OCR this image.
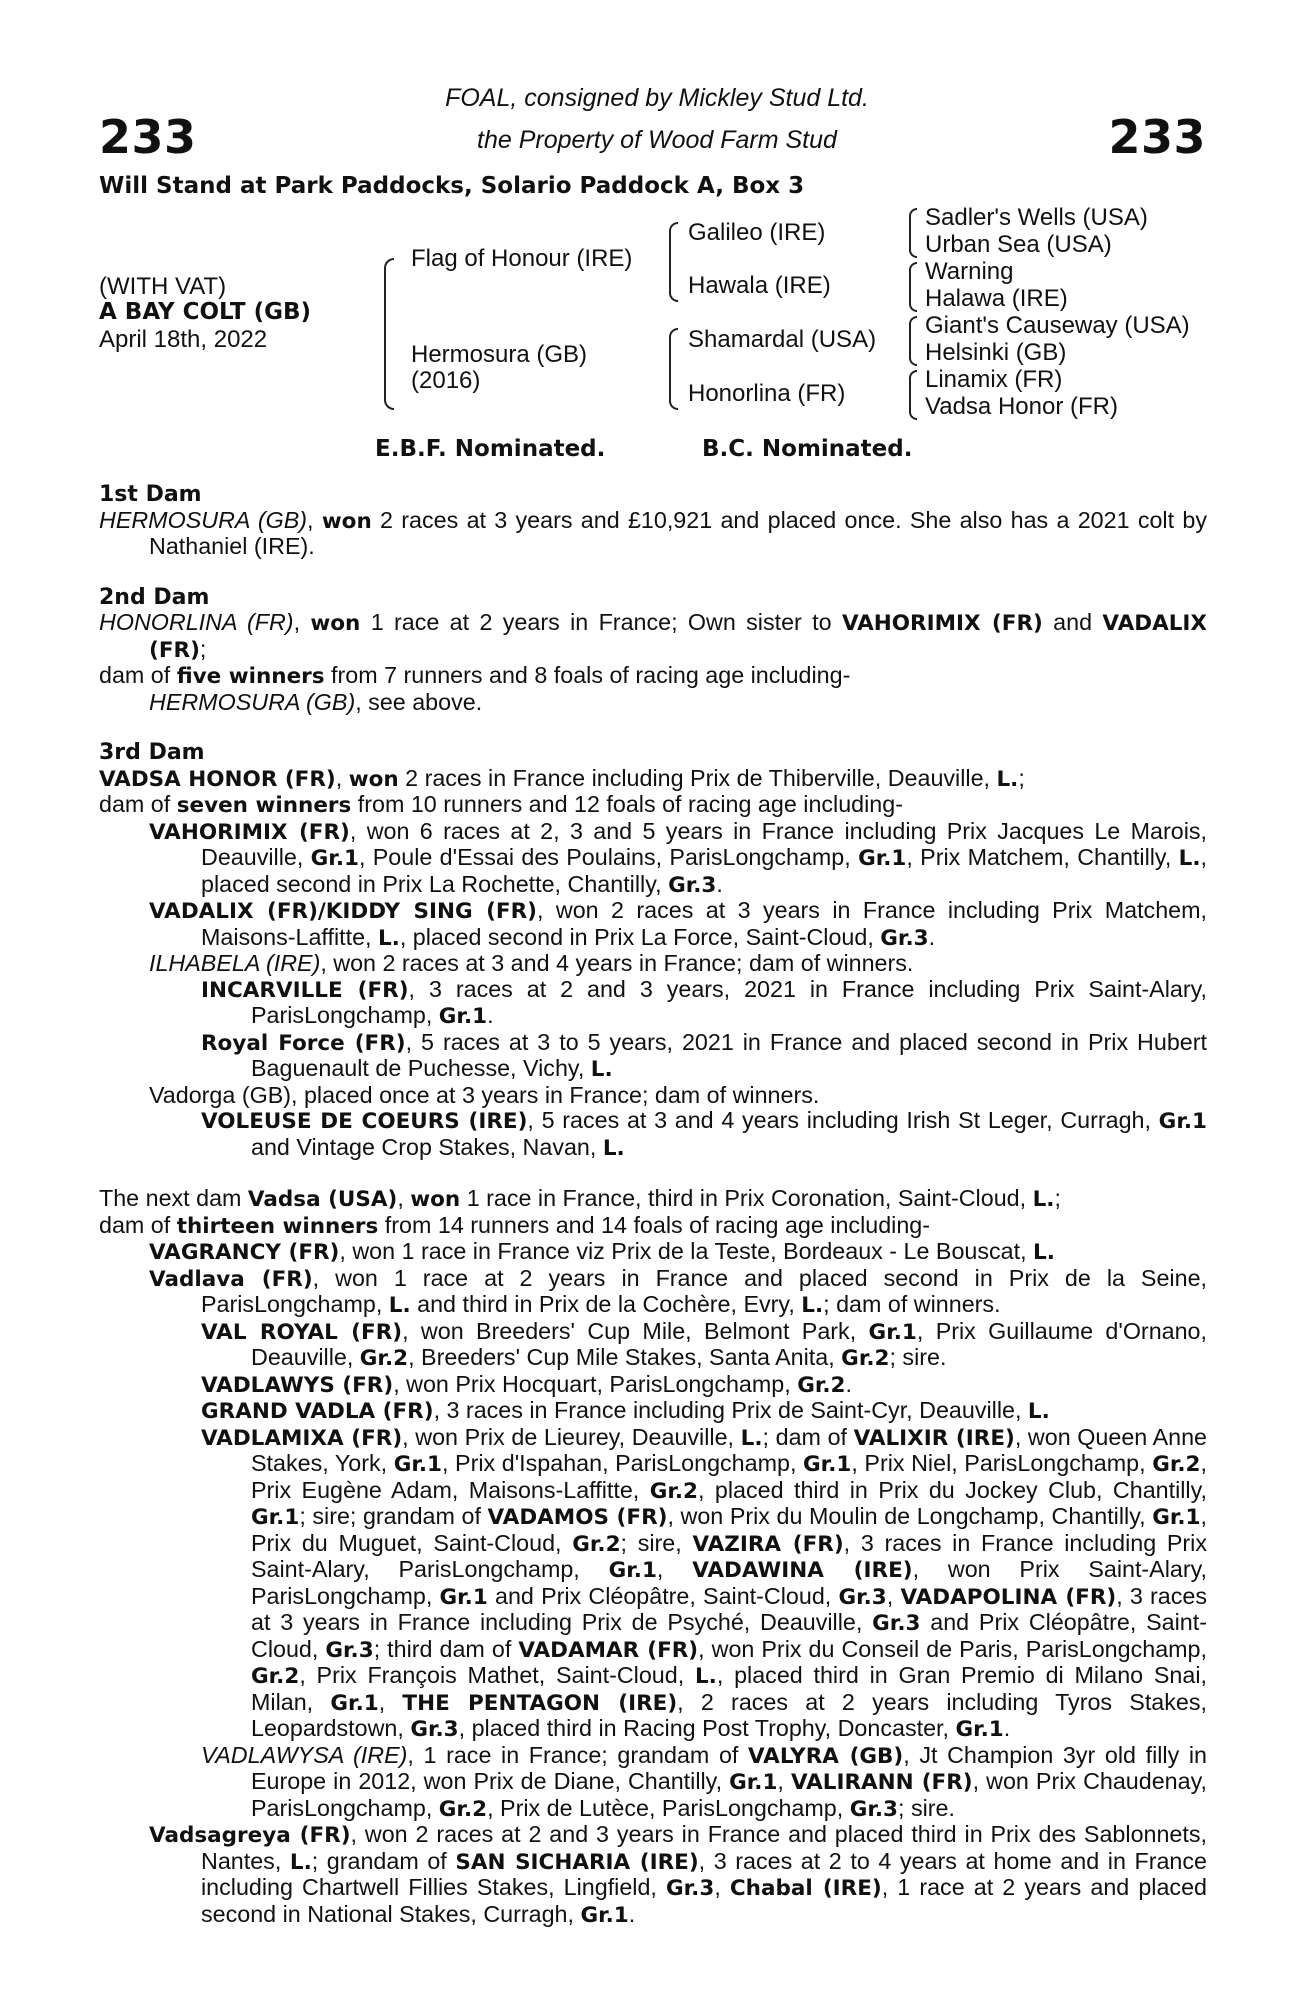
233	233
FOAL, consigned by Mickley Stud Ltd.
the Property of Wood Farm Stud
Will Stand at Park Paddocks, Solario Paddock A, Box 3
(WITH VAT)
A BAY COLT (GB)
April 18th, 2022
Flag of Honour (IRE)
Hermosura (GB)
(2016)
Galileo (IRE)
Hawala (IRE)
Shamardal (USA)
Honorlina (FR)
Sadler's Wells (USA)
Urban Sea (USA)
Warning
Halawa (IRE)
Giant's Causeway (USA)
Helsinki (GB)
Linamix (FR)
Vadsa Honor (FR)
E.B.F. Nominated.	B.C. Nominated.

1st Dam

HERMOSURA (GB), won 2 races at 3 years and £10,921 and placed once. She also has a 2021 colt by Nathaniel (IRE).

2nd Dam

HONORLINA (FR), won 1 race at 2 years in France; Own sister to VAHORIMIX (FR) and VADALIX (FR);

dam of five winners from 7 runners and 8 foals of racing age including-

HERMOSURA (GB), see above.

3rd Dam

VADSA HONOR (FR), won 2 races in France including Prix de Thiberville, Deauville, L.;

dam of seven winners from 10 runners and 12 foals of racing age including-

VAHORIMIX (FR), won 6 races at 2, 3 and 5 years in France including Prix Jacques Le Marois, Deauville, Gr.1, Poule d'Essai des Poulains, ParisLongchamp, Gr.1, Prix Matchem, Chantilly, L., placed second in Prix La Rochette, Chantilly, Gr.3.

VADALIX (FR)/KIDDY SING (FR), won 2 races at 3 years in France including Prix Matchem, Maisons-Laffitte, L., placed second in Prix La Force, Saint-Cloud, Gr.3.

ILHABELA (IRE), won 2 races at 3 and 4 years in France; dam of winners.

INCARVILLE (FR), 3 races at 2 and 3 years, 2021 in France including Prix Saint-Alary, ParisLongchamp, Gr.1.

Royal Force (FR), 5 races at 3 to 5 years, 2021 in France and placed second in Prix Hubert Baguenault de Puchesse, Vichy, L.

Vadorga (GB), placed once at 3 years in France; dam of winners.

VOLEUSE DE COEURS (IRE), 5 races at 3 and 4 years including Irish St Leger, Curragh, Gr.1 and Vintage Crop Stakes, Navan, L.

The next dam Vadsa (USA), won 1 race in France, third in Prix Coronation, Saint-Cloud, L.;

dam of thirteen winners from 14 runners and 14 foals of racing age including-

VAGRANCY (FR), won 1 race in France viz Prix de la Teste, Bordeaux - Le Bouscat, L.

Vadlava (FR), won 1 race at 2 years in France and placed second in Prix de la Seine, ParisLongchamp, L. and third in Prix de la Cochère, Evry, L.; dam of winners.

VAL ROYAL (FR), won Breeders' Cup Mile, Belmont Park, Gr.1, Prix Guillaume d'Ornano, Deauville, Gr.2, Breeders' Cup Mile Stakes, Santa Anita, Gr.2; sire.

VADLAWYS (FR), won Prix Hocquart, ParisLongchamp, Gr.2.

GRAND VADLA (FR), 3 races in France including Prix de Saint-Cyr, Deauville, L.

VADLAMIXA (FR), won Prix de Lieurey, Deauville, L.; dam of VALIXIR (IRE), won Queen Anne Stakes, York, Gr.1, Prix d'Ispahan, ParisLongchamp, Gr.1, Prix Niel, ParisLongchamp, Gr.2, Prix Eugène Adam, Maisons-Laffitte, Gr.2, placed third in Prix du Jockey Club, Chantilly, Gr.1; sire; grandam of VADAMOS (FR), won Prix du Moulin de Longchamp, Chantilly, Gr.1, Prix du Muguet, Saint-Cloud, Gr.2; sire, VAZIRA (FR), 3 races in France including Prix Saint-Alary, ParisLongchamp, Gr.1, VADAWINA (IRE), won Prix Saint-Alary, ParisLongchamp, Gr.1 and Prix Cléopâtre, Saint-Cloud, Gr.3, VADAPOLINA (FR), 3 races at 3 years in France including Prix de Psyché, Deauville, Gr.3 and Prix Cléopâtre, Saint-Cloud, Gr.3; third dam of VADAMAR (FR), won Prix du Conseil de Paris, ParisLongchamp, Gr.2, Prix François Mathet, Saint-Cloud, L., placed third in Gran Premio di Milano Snai, Milan, Gr.1, THE PENTAGON (IRE), 2 races at 2 years including Tyros Stakes, Leopardstown, Gr.3, placed third in Racing Post Trophy, Doncaster, Gr.1.

VADLAWYSA (IRE), 1 race in France; grandam of VALYRA (GB), Jt Champion 3yr old filly in Europe in 2012, won Prix de Diane, Chantilly, Gr.1, VALIRANN (FR), won Prix Chaudenay, ParisLongchamp, Gr.2, Prix de Lutèce, ParisLongchamp, Gr.3; sire.

Vadsagreya (FR), won 2 races at 2 and 3 years in France and placed third in Prix des Sablonnets, Nantes, L.; grandam of SAN SICHARIA (IRE), 3 races at 2 to 4 years at home and in France including Chartwell Fillies Stakes, Lingfield, Gr.3, Chabal (IRE), 1 race at 2 years and placed second in National Stakes, Curragh, Gr.1.
